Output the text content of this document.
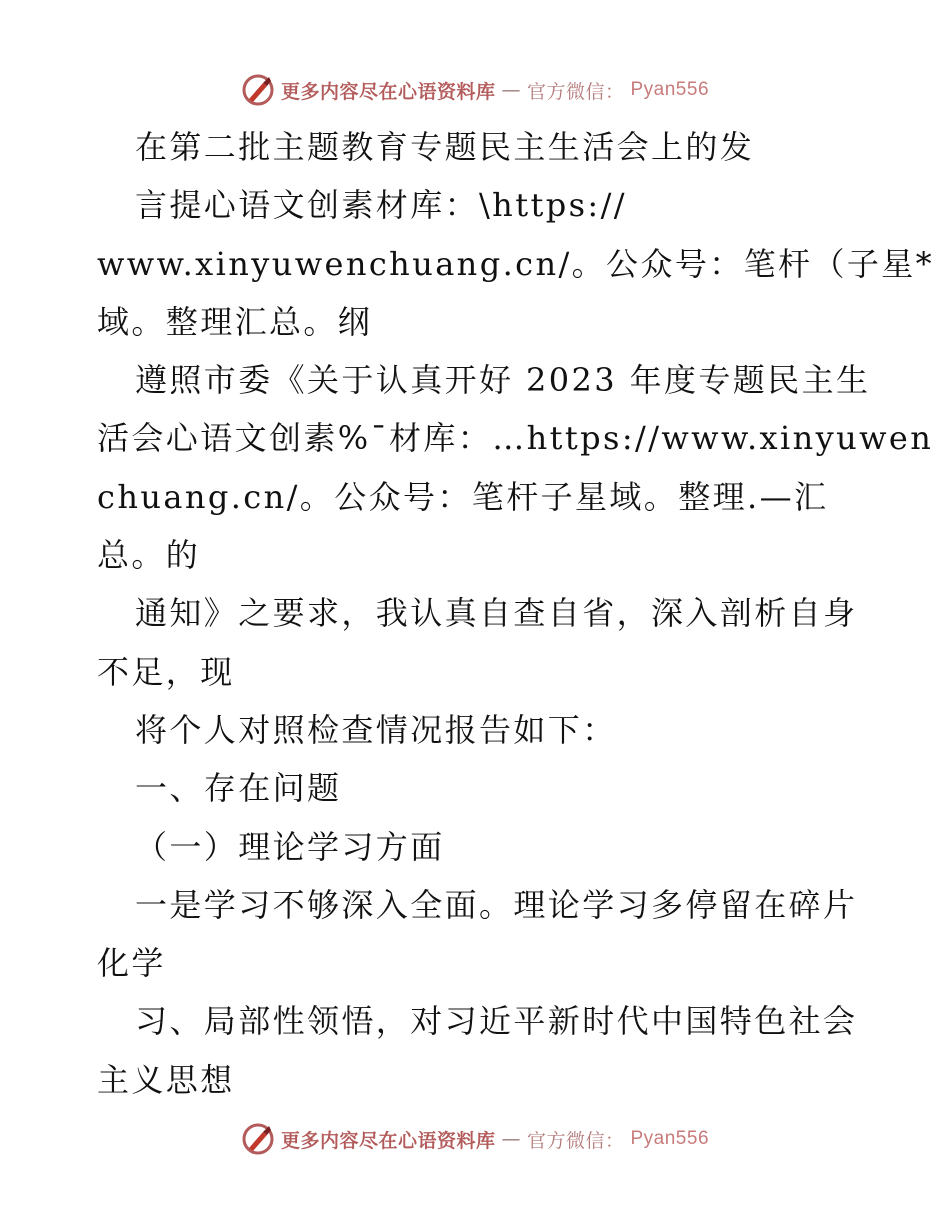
更多内容尽在心语资料库 — 官方微信： Pyan556
在第二批主题教育专题民主生活会上的发
言提心语文创素材库：\https://
www.xinyuwenchuang.cn/。公众号：笔杆（子星*
域。整理汇总。纲
遵照市委《关于认真开好 2023 年度专题民主生
活会心语文创素%¯材库：…https://www.xinyuwen
chuang.cn/。公众号：笔杆子星域。整理.—汇
总。的
通知》之要求，我认真自查自省，深入剖析自身
不足，现
将个人对照检查情况报告如下：
一、存在问题
（一）理论学习方面
一是学习不够深入全面。理论学习多停留在碎片
化学
习、局部性领悟，对习近平新时代中国特色社会
主义思想
更多内容尽在心语资料库 — 官方微信： Pyan556
